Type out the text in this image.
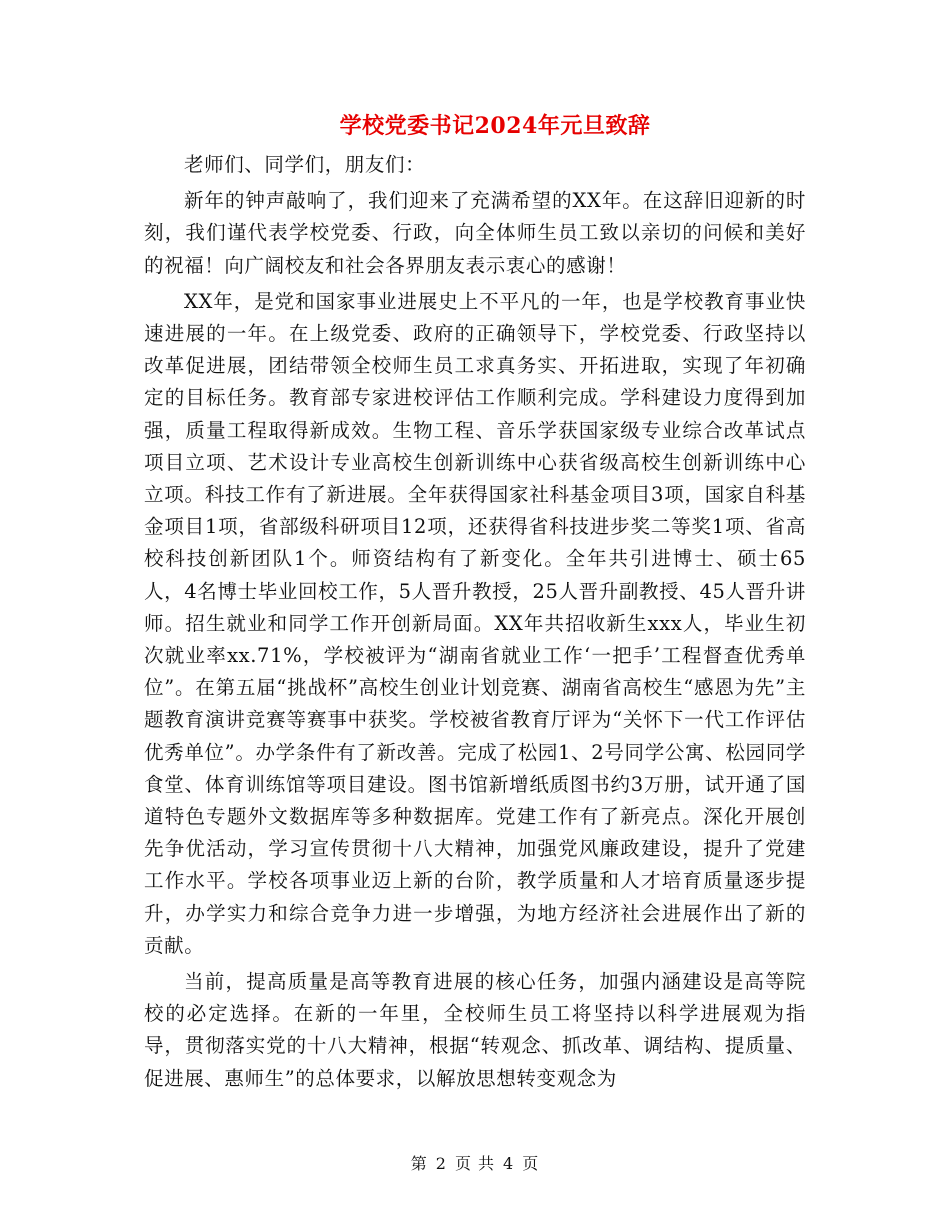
学校党委书记2024年元旦致辞

老师们、同学们，朋友们：

新年的钟声敲响了，我们迎来了充满希望的XX年。在这辞旧迎新的时刻，我们谨代表学校党委、行政，向全体师生员工致以亲切的问候和美好的祝福！向广阔校友和社会各界朋友表示衷心的感谢！

XX年，是党和国家事业进展史上不平凡的一年，也是学校教育事业快速进展的一年。在上级党委、政府的正确领导下，学校党委、行政坚持以改革促进展，团结带领全校师生员工求真务实、开拓进取，实现了年初确定的目标任务。教育部专家进校评估工作顺利完成。学科建设力度得到加强，质量工程取得新成效。生物工程、音乐学获国家级专业综合改革试点项目立项、艺术设计专业高校生创新训练中心获省级高校生创新训练中心立项。科技工作有了新进展。全年获得国家社科基金项目3项，国家自科基金项目1项，省部级科研项目12项，还获得省科技进步奖二等奖1项、省高校科技创新团队1个。师资结构有了新变化。全年共引进博士、硕士65人，4名博士毕业回校工作，5人晋升教授，25人晋升副教授、45人晋升讲师。招生就业和同学工作开创新局面。XX年共招收新生xxx人，毕业生初次就业率xx.71%，学校被评为“湖南省就业工作‘一把手’工程督查优秀单位”。在第五届“挑战杯”高校生创业计划竞赛、湖南省高校生“感恩为先”主题教育演讲竞赛等赛事中获奖。学校被省教育厅评为“关怀下一代工作评估优秀单位”。办学条件有了新改善。完成了松园1、2号同学公寓、松园同学食堂、体育训练馆等项目建设。图书馆新增纸质图书约3万册，试开通了国道特色专题外文数据库等多种数据库。党建工作有了新亮点。深化开展创先争优活动，学习宣传贯彻十八大精神，加强党风廉政建设，提升了党建工作水平。学校各项事业迈上新的台阶，教学质量和人才培育质量逐步提升，办学实力和综合竞争力进一步增强，为地方经济社会进展作出了新的贡献。

当前，提高质量是高等教育进展的核心任务，加强内涵建设是高等院校的必定选择。在新的一年里，全校师生员工将坚持以科学进展观为指导，贯彻落实党的十八大精神，根据“转观念、抓改革、调结构、提质量、促进展、惠师生”的总体要求，以解放思想转变观念为

第 2 页 共 4 页
